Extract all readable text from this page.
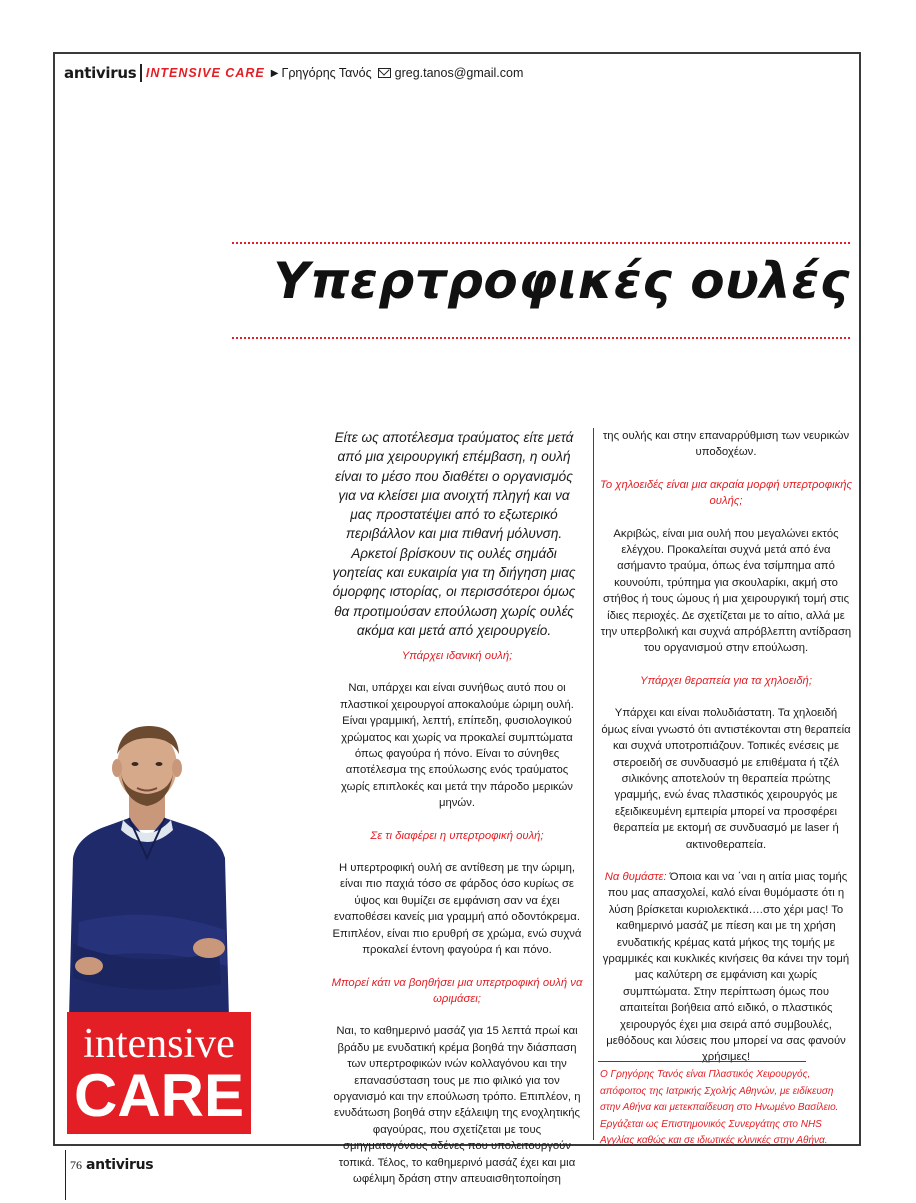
antivirus INTENSIVE CARE ▶ Γρηγόρης Τανός greg.tanos@gmail.com
Υπερτροφικές ουλές
Είτε ως αποτέλεσμα τραύματος είτε μετά από μια χειρουργική επέμβαση, η ουλή είναι το μέσο που διαθέτει ο οργανισμός για να κλείσει μια ανοιχτή πληγή και να μας προστατέψει από το εξωτερικό περιβάλλον και μια πιθανή μόλυνση. Αρκετοί βρίσκουν τις ουλές σημάδι γοητείας και ευκαιρία για τη διήγηση μιας όμορφης ιστορίας, οι περισσότεροι όμως θα προτιμούσαν επούλωση χωρίς ουλές ακόμα και μετά από χειρουργείο.

Υπάρχει ιδανική ουλή;

Ναι, υπάρχει και είναι συνήθως αυτό που οι πλαστικοί χειρουργοί αποκαλούμε ώριμη ουλή. Είναι γραμμική, λεπτή, επίπεδη, φυσιολογικού χρώματος και χωρίς να προκαλεί συμπτώματα όπως φαγούρα ή πόνο. Είναι το σύνηθες αποτέλεσμα της επούλωσης ενός τραύματος χωρίς επιπλοκές και μετά την πάροδο μερικών μηνών.

Σε τι διαφέρει η υπερτροφική ουλή;

Η υπερτροφική ουλή σε αντίθεση με την ώριμη, είναι πιο παχιά τόσο σε φάρδος όσο κυρίως σε ύψος και θυμίζει σε εμφάνιση σαν να έχει εναποθέσει κανείς μια γραμμή από οδοντόκρεμα. Επιπλέον, είναι πιο ερυθρή σε χρώμα, ενώ συχνά προκαλεί έντονη φαγούρα ή και πόνο.

Μπορεί κάτι να βοηθήσει μια υπερτροφική ουλή να ωριμάσει;

Ναι, το καθημερινό μασάζ για 15 λεπτά πρωί και βράδυ με ενυδατική κρέμα βοηθά την διάσπαση των υπερτροφικών ινών κολλαγόνου και την επανασύσταση τους με πιο φιλικό για τον οργανισμό και την επούλωση τρόπο. Επιπλέον, η ενυδάτωση βοηθά στην εξάλειψη της ενοχλητικής φαγούρας, που σχετίζεται με τους σμηγματογόνους αδένες που υπολειτουργούν τοπικά. Τέλος, το καθημερινό μασάζ έχει και μια ωφέλιμη δράση στην απευαισθητοποίηση

της ουλής και στην επαναρρύθμιση των νευρικών υποδοχέων.

Το χηλοειδές είναι μια ακραία μορφή υπερτροφικής ουλής;

Ακριβώς, είναι μια ουλή που μεγαλώνει εκτός ελέγχου. Προκαλείται συχνά μετά από ένα ασήμαντο τραύμα, όπως ένα τσίμπημα από κουνούπι, τρύπημα για σκουλαρίκι, ακμή στο στήθος ή τους ώμους ή μια χειρουργική τομή στις ίδιες περιοχές. Δε σχετίζεται με το αίτιο, αλλά με την υπερβολική και συχνά απρόβλεπτη αντίδραση του οργανισμού στην επούλωση.

Υπάρχει θεραπεία για τα χηλοειδή;

Υπάρχει και είναι πολυδιάστατη. Τα χηλοειδή όμως είναι γνωστό ότι αντιστέκονται στη θεραπεία και συχνά υποτροπιάζουν. Τοπικές ενέσεις με στεροειδή σε συνδυασμό με επιθέματα ή τζέλ σιλικόνης αποτελούν τη θεραπεία πρώτης γραμμής, ενώ ένας πλαστικός χειρουργός με εξειδικευμένη εμπειρία μπορεί να προσφέρει θεραπεία με εκτομή σε συνδυασμό με laser ή ακτινοθεραπεία.

Να θυμάστε: Όποια και να ΄ναι η αιτία μιας τομής που μας απασχολεί, καλό είναι θυμόμαστε ότι η λύση βρίσκεται κυριολεκτικά….στο χέρι μας! Το καθημερινό μασάζ με πίεση και με τη χρήση ενυδατικής κρέμας κατά μήκος της τομής με γραμμικές και κυκλικές κινήσεις θα κάνει την τομή μας καλύτερη σε εμφάνιση και χωρίς συμπτώματα. Στην περίπτωση όμως που απαιτείται βοήθεια από ειδικό, ο πλαστικός χειρουργός έχει μια σειρά από συμβουλές, μεθόδους και λύσεις που μπορεί να σας φανούν χρήσιμες!

Ο Γρηγόρης Τανός είναι Πλαστικός Χειρουργός, απόφοιτος της Ιατρικής Σχολής Αθηνών, με ειδίκευση στην Αθήνα και μετεκπαίδευση στο Ηνωμένο Βασίλειο. Εργάζεται ως Επιστημονικός Συνεργάτης στο NHS Αγγλίας καθώς και σε ιδιωτικές κλινικές στην Αθήνα.
intensive
CARE
76 antivirus
